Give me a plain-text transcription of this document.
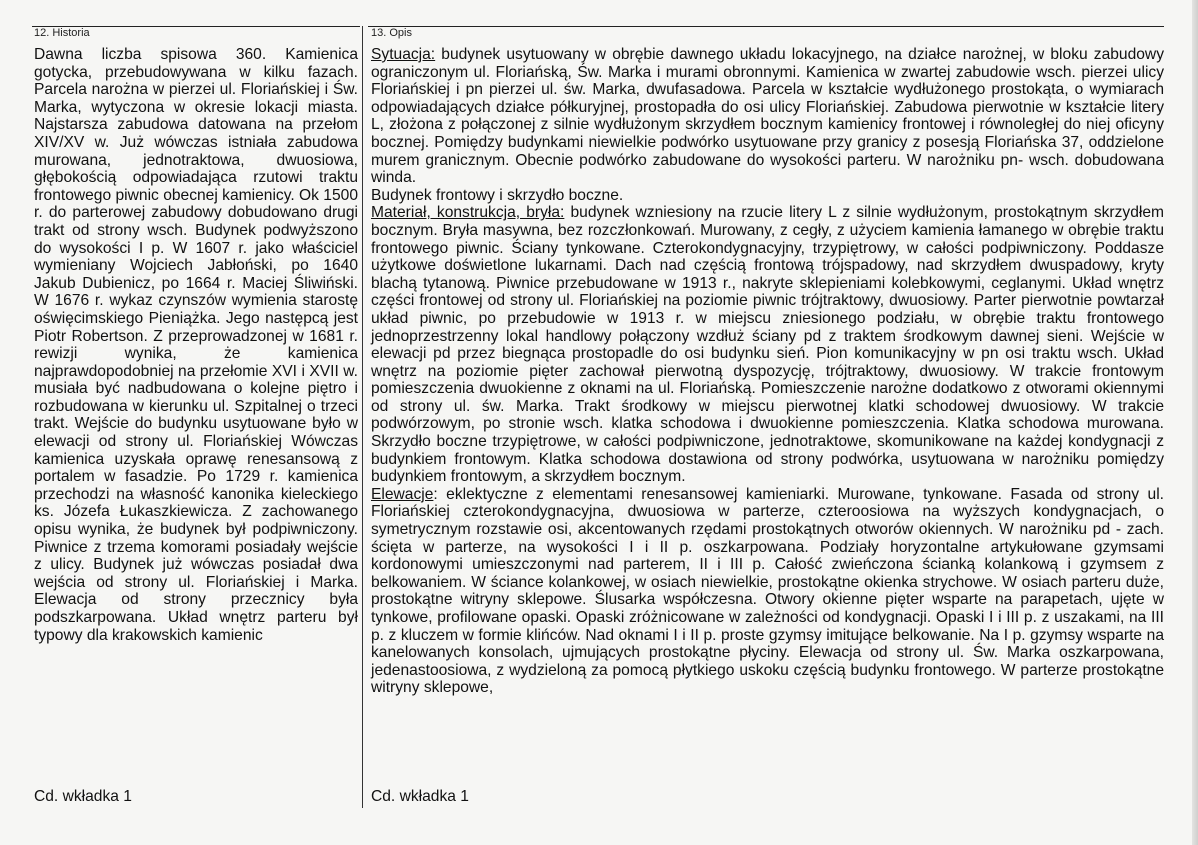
12. Historia	13. Opis

Dawna liczba spisowa 360. Kamienica gotycka, przebudowywana w kilku fazach. Parcela narożna w pierzei ul. Floriańskiej i Św. Marka, wytyczona w okresie lokacji miasta. Najstarsza zabudowa datowana na przełom XIV/XV w. Już wówczas istniała zabudowa murowana, jednotraktowa, dwuosiowa, głębokością odpowiadająca rzutowi traktu frontowego piwnic obecnej kamienicy. Ok 1500 r. do parterowej zabudowy dobudowano drugi trakt od strony wsch. Budynek podwyższono do wysokości I p. W 1607 r. jako właściciel wymieniany Wojciech Jabłoński, po 1640 Jakub Dubienicz, po 1664 r. Maciej Śliwiński. W 1676 r. wykaz czynszów wymienia starostę oświęcimskiego Pieniążka. Jego następcą jest Piotr Robertson. Z przeprowadzonej w 1681 r. rewizji wynika, że kamienica najprawdopodobniej na przełomie XVI i XVII w. musiała być nadbudowana o kolejne piętro i rozbudowana w kierunku ul. Szpitalnej o trzeci trakt. Wejście do budynku usytuowane było w elewacji od strony ul. Floriańskiej Wówczas kamienica uzyskała oprawę renesansową z portalem w fasadzie. Po 1729 r. kamienica przechodzi na własność kanonika kieleckiego ks. Józefa Łukaszkiewicza. Z zachowanego opisu wynika, że budynek był podpiwniczony. Piwnice z trzema komorami posiadały wejście z ulicy. Budynek już wówczas posiadał dwa wejścia od strony ul. Floriańskiej i Marka. Elewacja od strony przecznicy była podszkarpowana. Układ wnętrz parteru był typowy dla krakowskich kamienic

Sytuacja: budynek usytuowany w obrębie dawnego układu lokacyjnego, na działce narożnej, w bloku zabudowy ograniczonym ul. Floriańską, Św. Marka i murami obronnymi. Kamienica w zwartej zabudowie wsch. pierzei ulicy Floriańskiej i pn pierzei ul. św. Marka, dwufasadowa. Parcela w kształcie wydłużonego prostokąta, o wymiarach odpowiadających działce półkuryjnej, prostopadła do osi ulicy Floriańskiej. Zabudowa pierwotnie w kształcie litery L, złożona z połączonej z silnie wydłużonym skrzydłem bocznym kamienicy frontowej i równoległej do niej oficyny bocznej. Pomiędzy budynkami niewielkie podwórko usytuowane przy granicy z posesją Floriańska 37, oddzielone murem granicznym. Obecnie podwórko zabudowane do wysokości parteru. W narożniku pn- wsch. dobudowana winda.

Budynek frontowy i skrzydło boczne.

Materiał, konstrukcja, bryła: budynek wzniesiony na rzucie litery L z silnie wydłużonym, prostokątnym skrzydłem bocznym. Bryła masywna, bez rozczłonkowań. Murowany, z cegły, z użyciem kamienia łamanego w obrębie traktu frontowego piwnic. Ściany tynkowane. Czterokondygnacyjny, trzypiętrowy, w całości podpiwniczony. Poddasze użytkowe doświetlone lukarnami. Dach nad częścią frontową trójspadowy, nad skrzydłem dwuspadowy, kryty blachą tytanową. Piwnice przebudowane w 1913 r., nakryte sklepieniami kolebkowymi, ceglanymi. Układ wnętrz części frontowej od strony ul. Floriańskiej na poziomie piwnic trójtraktowy, dwuosiowy. Parter pierwotnie powtarzał układ piwnic, po przebudowie w 1913 r. w miejscu zniesionego podziału, w obrębie traktu frontowego jednoprzestrzenny lokal handlowy połączony wzdłuż ściany pd z traktem środkowym dawnej sieni. Wejście w elewacji pd przez biegnąca prostopadle do osi budynku sień. Pion komunikacyjny w pn osi traktu wsch. Układ wnętrz na poziomie pięter zachował pierwotną dyspozycję, trójtraktowy, dwuosiowy. W trakcie frontowym pomieszczenia dwuokienne z oknami na ul. Floriańską. Pomieszczenie narożne dodatkowo z otworami okiennymi od strony ul. św. Marka. Trakt środkowy w miejscu pierwotnej klatki schodowej dwuosiowy. W trakcie podwórzowym, po stronie wsch. klatka schodowa i dwuokienne pomieszczenia. Klatka schodowa murowana. Skrzydło boczne trzypiętrowe, w całości podpiwniczone, jednotraktowe, skomunikowane na każdej kondygnacji z budynkiem frontowym. Klatka schodowa dostawiona od strony podwórka, usytuowana w narożniku pomiędzy budynkiem frontowym, a skrzydłem bocznym.

Elewacje: eklektyczne z elementami renesansowej kamieniarki. Murowane, tynkowane. Fasada od strony ul. Floriańskiej czterokondygnacyjna, dwuosiowa w parterze, czteroosiowa na wyższych kondygnacjach, o symetrycznym rozstawie osi, akcentowanych rzędami prostokątnych otworów okiennych. W narożniku pd - zach. ścięta w parterze, na wysokości I i II p. oszkarpowana. Podziały horyzontalne artykułowane gzymsami kordonowymi umieszczonymi nad parterem, II i III p. Całość zwieńczona ścianką kolankową i gzymsem z belkowaniem. W ściance kolankowej, w osiach niewielkie, prostokątne okienka strychowe. W osiach parteru duże, prostokątne witryny sklepowe. Ślusarka współczesna. Otwory okienne pięter wsparte na parapetach, ujęte w tynkowe, profilowane opaski. Opaski zróżnicowane w zależności od kondygnacji. Opaski I i III p. z uszakami, na III p. z kluczem w formie klińców. Nad oknami I i II p. proste gzymsy imitujące belkowanie. Na I p. gzymsy wsparte na kanelowanych konsolach, ujmujących prostokątne płyciny. Elewacja od strony ul. Św. Marka oszkarpowana, jedenastoosiowa, z wydzieloną za pomocą płytkiego uskoku częścią budynku frontowego. W parterze prostokątne witryny sklepowe,

Cd. wkładka 1	Cd. wkładka 1
